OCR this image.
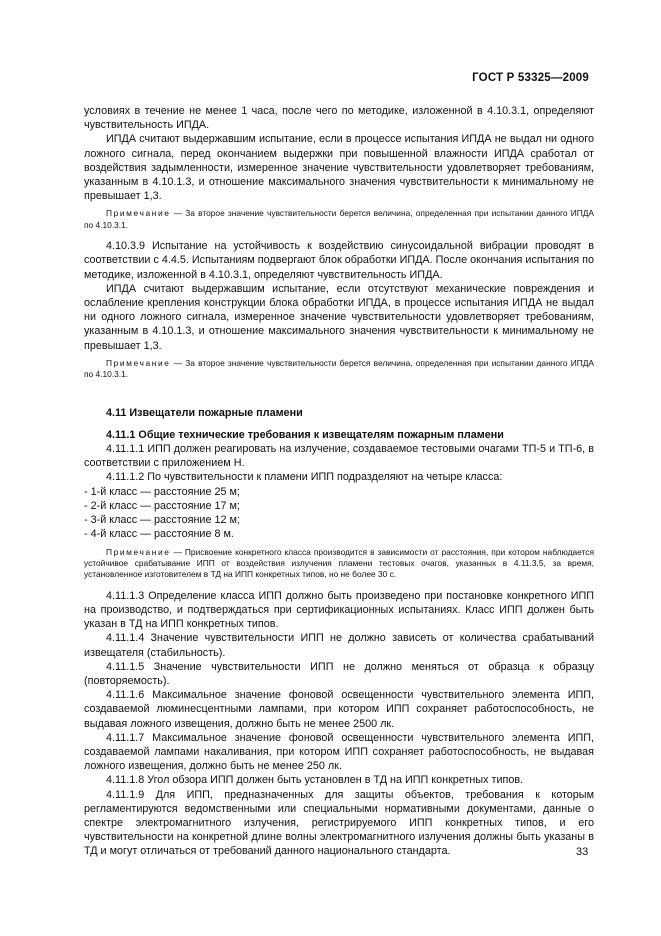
ГОСТ Р 53325—2009

условиях в течение не менее 1 часа, после чего по методике, изложенной в 4.10.3.1, определяют чувствительность ИПДА.

ИПДА считают выдержавшим испытание, если в процессе испытания ИПДА не выдал ни одного ложного сигнала, перед окончанием выдержки при повышенной влажности ИПДА сработал от воздействия задымленности, измеренное значение чувствительности удовлетворяет требованиям, указанным в 4.10.1.3, и отношение максимального значения чувствительности к минимальному не превышает 1,3.

Примечание — За второе значение чувствительности берется величина, определенная при испытании данного ИПДА по 4.10.3.1.

4.10.3.9 Испытание на устойчивость к воздействию синусоидальной вибрации проводят в соответствии с 4.4.5. Испытаниям подвергают блок обработки ИПДА. После окончания испытания по методике, изложенной в 4.10.3.1, определяют чувствительность ИПДА.

ИПДА считают выдержавшим испытание, если отсутствуют механические повреждения и ослабление крепления конструкции блока обработки ИПДА, в процессе испытания ИПДА не выдал ни одного ложного сигнала, измеренное значение чувствительности удовлетворяет требованиям, указанным в 4.10.1.3, и отношение максимального значения чувствительности к минимальному не превышает 1,3.

Примечание — За второе значение чувствительности берется величина, определенная при испытании данного ИПДА по 4.10.3.1.

4.11 Извещатели пожарные пламени

4.11.1 Общие технические требования к извещателям пожарным пламени

4.11.1.1 ИПП должен реагировать на излучение, создаваемое тестовыми очагами ТП-5 и ТП-6, в соответствии с приложением Н.

4.11.1.2 По чувствительности к пламени ИПП подразделяют на четыре класса:

- 1-й класс — расстояние 25 м;
- 2-й класс — расстояние 17 м;
- 3-й класс — расстояние 12 м;
- 4-й класс — расстояние 8 м.

Примечание — Присвоение конкретного класса производится в зависимости от расстояния, при котором наблюдается устойчивое срабатывание ИПП от воздействия излучения пламени тестовых очагов, указанных в 4.11.3.5, за время, установленное изготовителем в ТД на ИПП конкретных типов, но не более 30 с.

4.11.1.3 Определение класса ИПП должно быть произведено при постановке конкретного ИПП на производство, и подтверждаться при сертификационных испытаниях. Класс ИПП должен быть указан в ТД на ИПП конкретных типов.

4.11.1.4 Значение чувствительности ИПП не должно зависеть от количества срабатываний извещателя (стабильность).

4.11.1.5 Значение чувствительности ИПП не должно меняться от образца к образцу (повторяемость).

4.11.1.6 Максимальное значение фоновой освещенности чувствительного элемента ИПП, создаваемой люминесцентными лампами, при котором ИПП сохраняет работоспособность, не выдавая ложного извещения, должно быть не менее 2500 лк.

4.11.1.7 Максимальное значение фоновой освещенности чувствительного элемента ИПП, создаваемой лампами накаливания, при котором ИПП сохраняет работоспособность, не выдавая ложного извещения, должно быть не менее 250 лк.

4.11.1.8 Угол обзора ИПП должен быть установлен в ТД на ИПП конкретных типов.

4.11.1.9 Для ИПП, предназначенных для защиты объектов, требования к которым регламентируются ведомственными или специальными нормативными документами, данные о спектре электромагнитного излучения, регистрируемого ИПП конкретных типов, и его чувствительности на конкретной длине волны электромагнитного излучения должны быть указаны в ТД и могут отличаться от требований данного национального стандарта.	33
